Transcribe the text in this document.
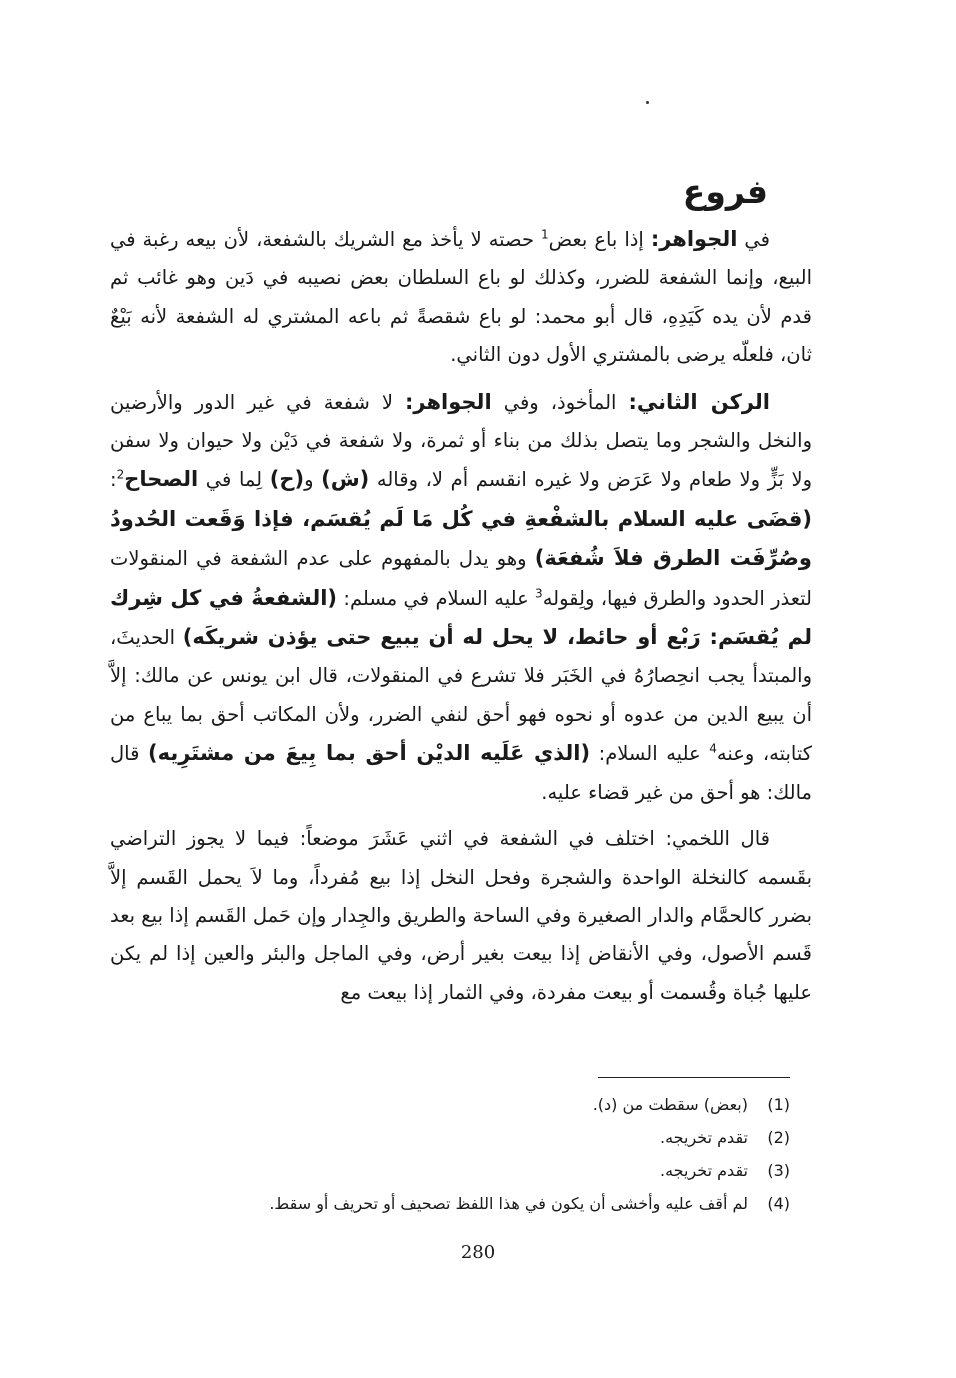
فروع

في الجواهر: إذا باع بعض$^1$ حصته لا يأخذ مع الشريك بالشفعة، لأن بيعه رغبة في البيع، وإنما الشفعة للضرر، وكذلك لو باع السلطان بعض نصيبه في دَين وهو غائب ثم قدم لأن يده كَيَدِهِ، قال أبو محمد: لو باع شقصةً ثم باعه المشتري له الشفعة لأنه بَيْعٌ ثان، فلعلّه يرضى بالمشتري الأول دون الثاني.

الركن الثاني: المأخوذ، وفي الجواهر: لا شفعة في غير الدور والأرضين والنخل والشجر وما يتصل بذلك من بناء أو ثمرة، ولا شفعة في دَيْن ولا حيوان ولا سفن ولا بَزٍّ ولا طعام ولا عَرَض ولا غيره انقسم أم لا، وقاله (ش) و(ح) لِما في الصحاح$^2$: (قضَى عليه السلام بالشفْعةِ في كُل مَا لَم يُقسَم، فإذا وَقَعت الحُدودُ وصُرِّفَت الطرق فلاَ شُفعَة) وهو يدل بالمفهوم على عدم الشفعة في المنقولات لتعذر الحدود والطرق فيها، ولِقوله$^3$ عليه السلام في مسلم: (الشفعةُ في كل شِرك لم يُقسَم: رَبْع أو حائط، لا يحل له أن يبيع حتى يؤذن شريكَه) الحديثَ، والمبتدأ يجب انحِصارُهُ في الخَبَر فلا تشرع في المنقولات، قال ابن يونس عن مالك: إلاَّ أن يبيع الدين من عدوه أو نحوه فهو أحق لنفي الضرر، ولأن المكاتب أحق بما يباع من كتابته، وعنه$^4$ عليه السلام: (الذي عَلَيه الديْن أحق بما بِيعَ من مشتَرِيه) قال مالك: هو أحق من غير قضاء عليه.

قال اللخمي: اختلف في الشفعة في اثني عَشَرَ موضعاً: فيما لا يجوز التراضي بقَسمه كالنخلة الواحدة والشجرة وفحل النخل إذا بيع مُفرداً، وما لاَ يحمل القَسم إلاَّ بضرر كالحمَّام والدار الصغيرة وفي الساحة والطريق والجِدار وإن حَمل القَسم إذا بيع بعد قَسم الأصول، وفي الأنقاض إذا بيعت بغير أرض، وفي الماجل والبئر والعين إذا لم يكن عليها جُباة وقُسمت أو بيعت مفردة، وفي الثمار إذا بيعت مع

(1)(بعض) سقطت من (د).
(2)تقدم تخريجه.
(3)تقدم تخريجه.
(4)لم أقف عليه وأخشى أن يكون في هذا اللفظ تصحيف أو تحريف أو سقط.
280
